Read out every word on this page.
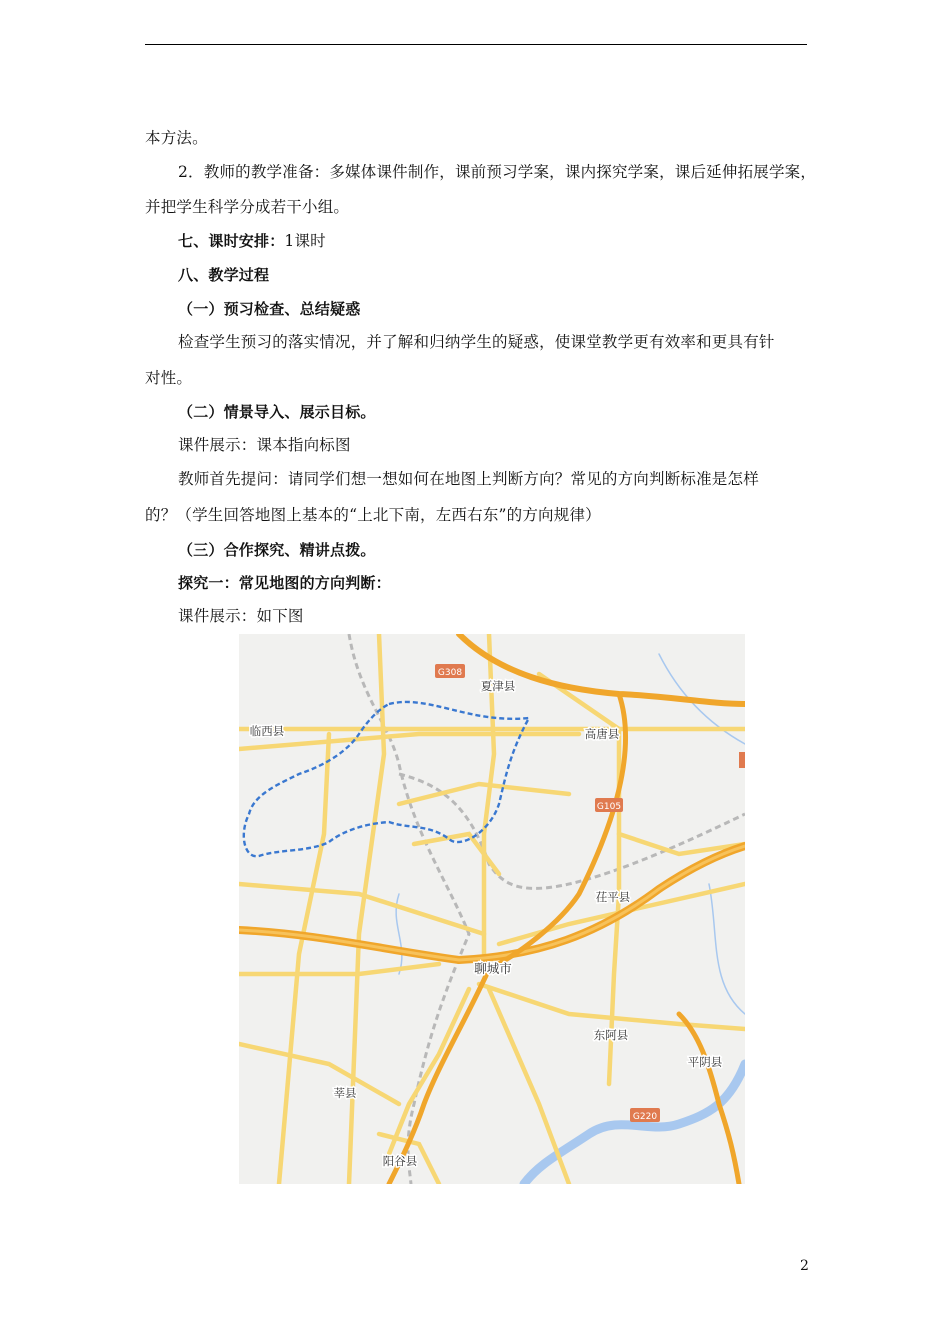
本方法。
2．教师的教学准备：多媒体课件制作，课前预习学案，课内探究学案，课后延伸拓展学案，
并把学生科学分成若干小组。
七、课时安排：1课时
八、教学过程
（一）预习检查、总结疑惑
检查学生预习的落实情况，并了解和归纳学生的疑惑，使课堂教学更有效率和更具有针
对性。
（二）情景导入、展示目标。
课件展示：课本指向标图
教师首先提问：请同学们想一想如何在地图上判断方向？常见的方向判断标准是怎样
的？（学生回答地图上基本的“上北下南，左西右东”的方向规律）
（三）合作探究、精讲点拨。
探究一：常见地图的方向判断：
课件展示：如下图
G308
G105
G220
夏津县
临西县	高唐县
茌平县
聊城市
东阿县
平阴县
莘县
阳谷县
2
